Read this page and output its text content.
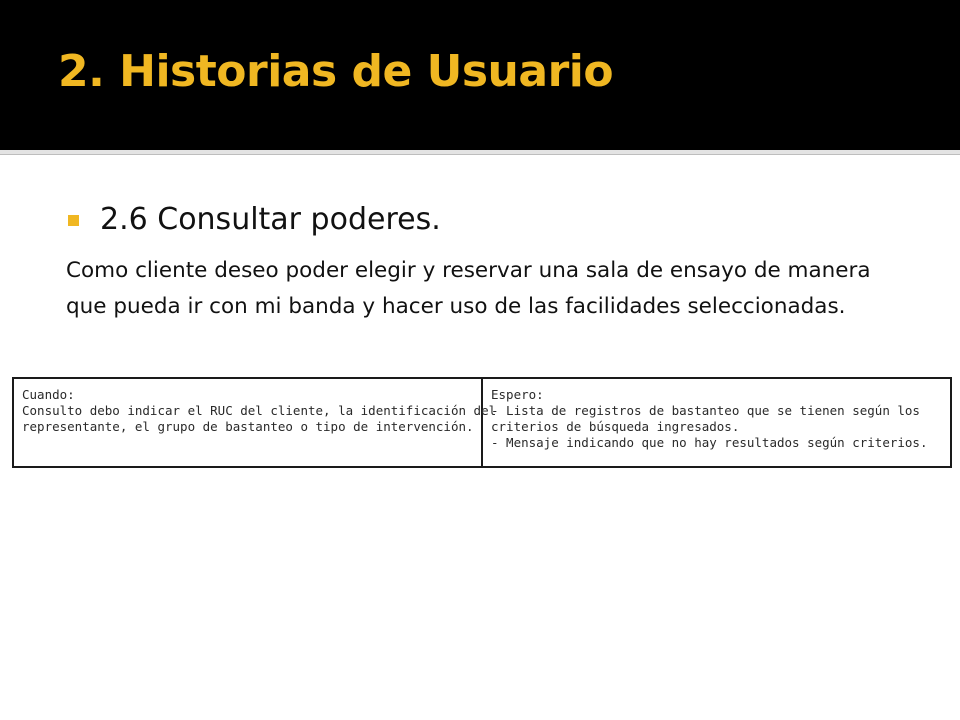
2. Historias de Usuario
2.6 Consultar poderes.

Como cliente deseo poder elegir y reservar una sala de ensayo de manera que pueda ir con mi banda y hacer uso de las facilidades seleccionadas.

Cuando:
Consulto debo indicar el RUC del cliente, la identificación del
representante, el grupo de bastanteo o tipo de intervención.
Espero:
- Lista de registros de bastanteo que se tienen según los
criterios de búsqueda ingresados.
- Mensaje indicando que no hay resultados según criterios.
